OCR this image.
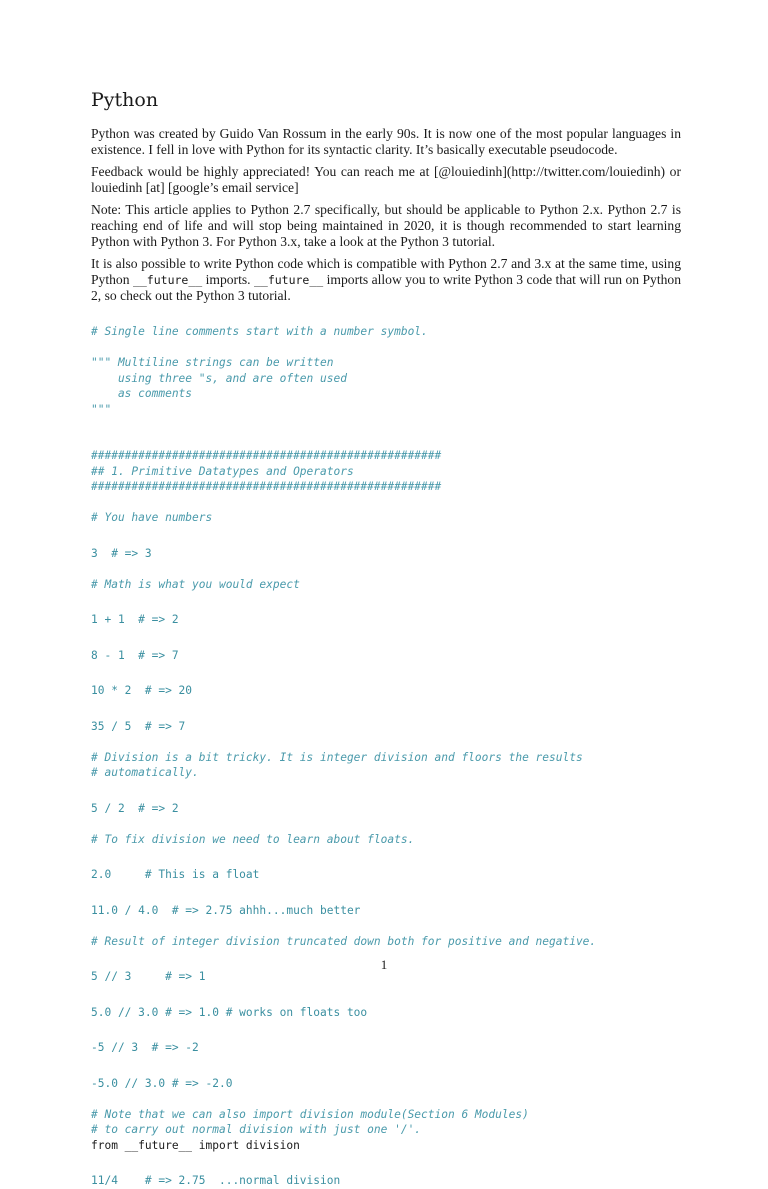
Python

Python was created by Guido Van Rossum in the early 90s. It is now one of the most popular languages in existence. I fell in love with Python for its syntactic clarity. It’s basically executable pseudocode.

Feedback would be highly appreciated! You can reach me at [@louiedinh](http://twitter.com/louiedinh) or louiedinh [at] [google’s email service]

Note: This article applies to Python 2.7 specifically, but should be applicable to Python 2.x. Python 2.7 is reaching end of life and will stop being maintained in 2020, it is though recommended to start learning Python with Python 3. For Python 3.x, take a look at the Python 3 tutorial.

It is also possible to write Python code which is compatible with Python 2.7 and 3.x at the same time, using Python __future__ imports. __future__ imports allow you to write Python 3 code that will run on Python 2, so check out the Python 3 tutorial.

# Single line comments start with a number symbol.
""" Multiline strings can be written
using three "s, and are often used
as comments
"""
####################################################
## 1. Primitive Datatypes and Operators
####################################################
# You have numbers
3  # => 3
# Math is what you would expect
1 + 1  # => 2
8 - 1  # => 7
10 * 2  # => 20
35 / 5  # => 7
# Division is a bit tricky. It is integer division and floors the results
# automatically.
5 / 2  # => 2
# To fix division we need to learn about floats.
2.0     # This is a float
11.0 / 4.0  # => 2.75 ahhh...much better
# Result of integer division truncated down both for positive and negative.
5 // 3     # => 1
5.0 // 3.0 # => 1.0 # works on floats too
-5 // 3  # => -2
-5.0 // 3.0 # => -2.0
# Note that we can also import division module(Section 6 Modules)
# to carry out normal division with just one '/'.
from __future__ import division
11/4    # => 2.75  ...normal division
1
